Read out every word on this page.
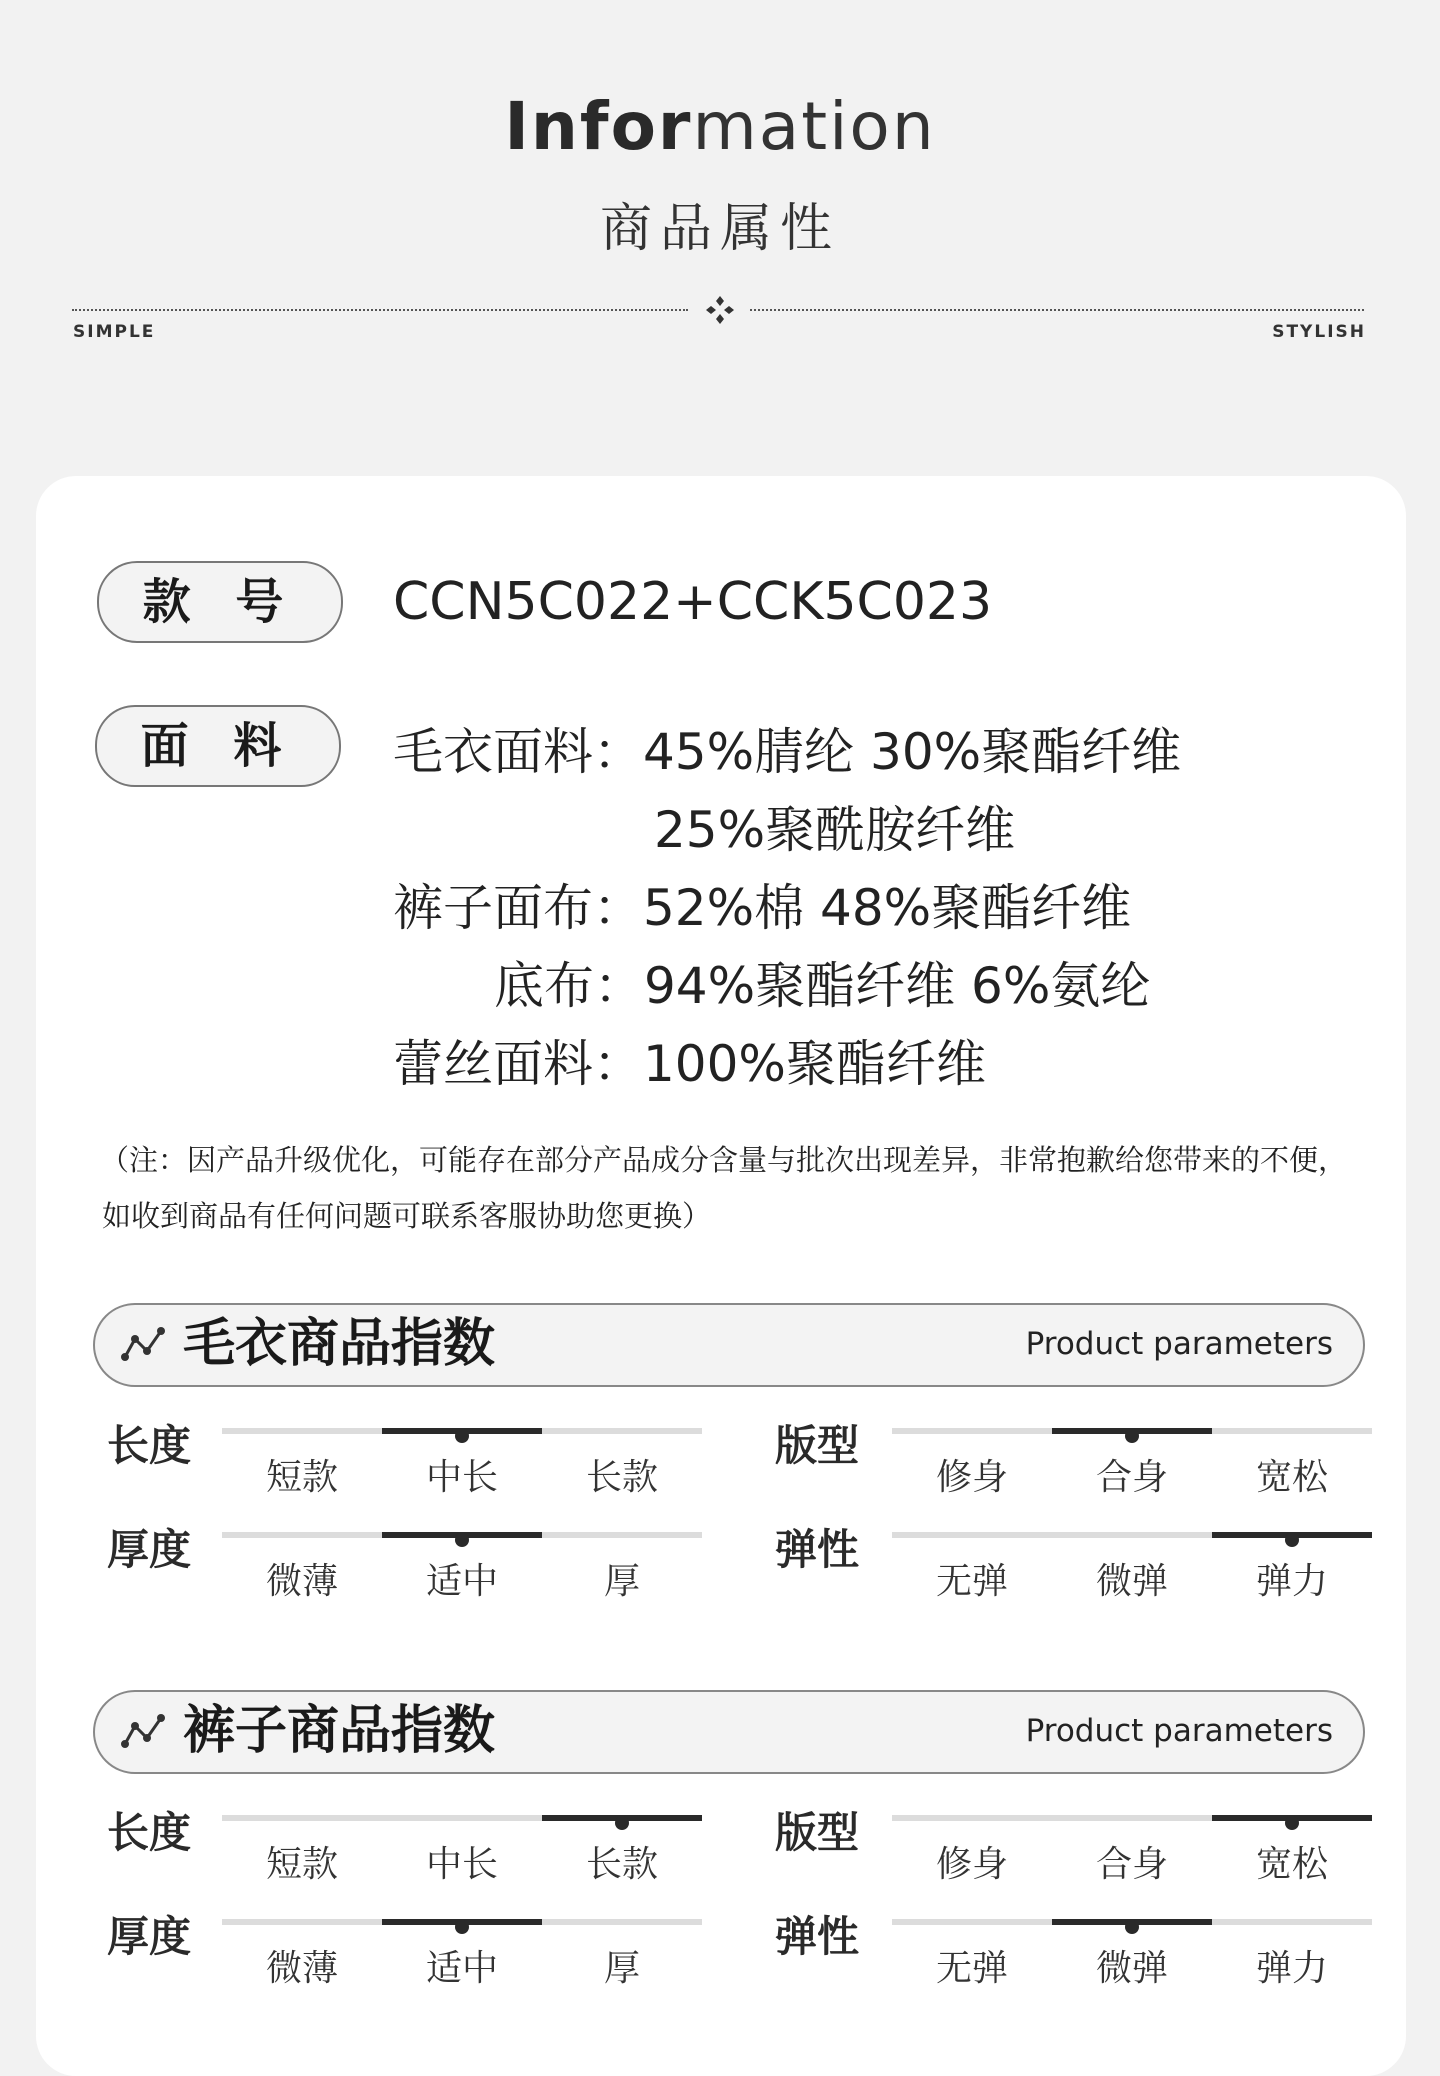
Information
商品属性
SIMPLE	STYLISH
款 号	CCN5C022+CCK5C023
面 料	毛衣面料：45%腈纶 30%聚酯纤维
25%聚酰胺纤维
裤子面布：52%棉 48%聚酯纤维
底布：94%聚酯纤维 6%氨纶
蕾丝面料：100%聚酯纤维
（注：因产品升级优化，可能存在部分产品成分含量与批次出现差异，非常抱歉给您带来的不便，
如收到商品有任何问题可联系客服协助您更换）
毛衣商品指数	Product parameters
长度
短款	中长	长款
版型
修身	合身	宽松
厚度
微薄	适中	厚
弹性
无弹	微弹	弹力
裤子商品指数	Product parameters
长度
短款	中长	长款
版型
修身	合身	宽松
厚度
微薄	适中	厚
弹性
无弹	微弹	弹力
